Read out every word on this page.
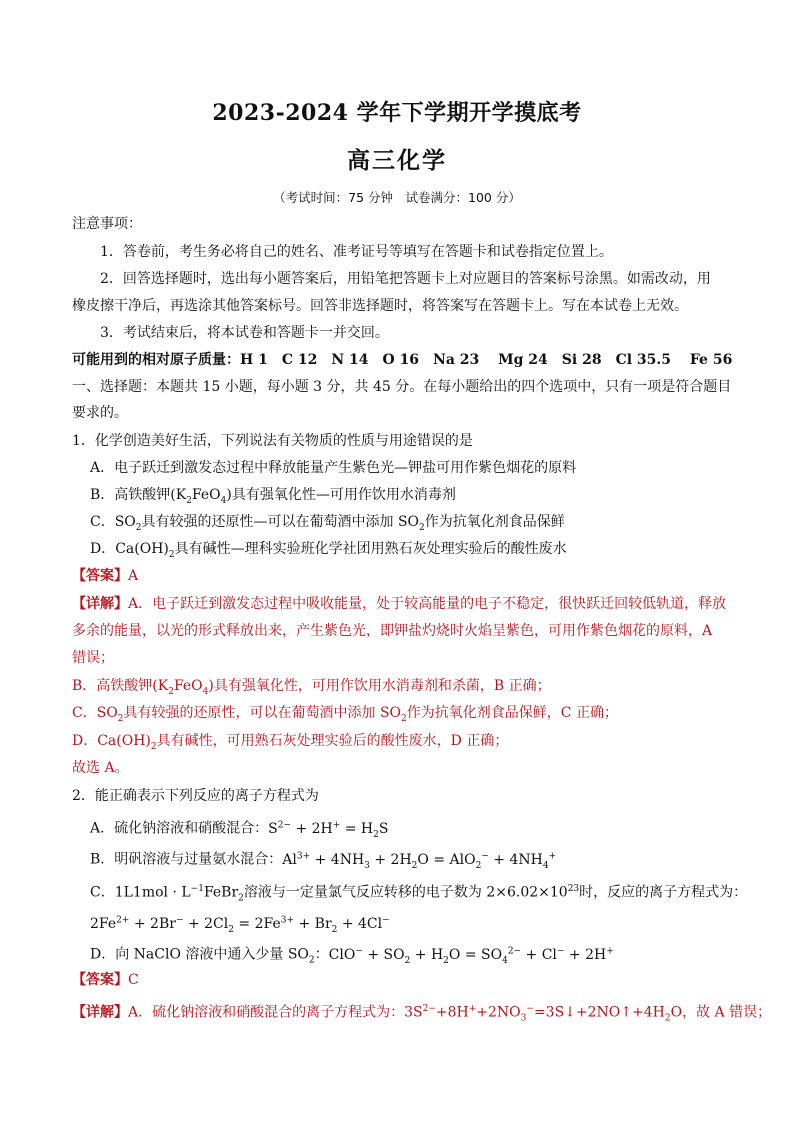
2023-2024 学年下学期开学摸底考
高三化学
（考试时间：75 分钟　试卷满分：100 分）
注意事项：
1．答卷前，考生务必将自己的姓名、准考证号等填写在答题卡和试卷指定位置上。
2．回答选择题时，选出每小题答案后，用铅笔把答题卡上对应题目的答案标号涂黑。如需改动，用
橡皮擦干净后，再选涂其他答案标号。回答非选择题时，将答案写在答题卡上。写在本试卷上无效。
3．考试结束后，将本试卷和答题卡一并交回。
可能用到的相对原子质量：H 1　C 12　N 14　O 16　Na 23　 Mg 24　Si 28　Cl 35.5　 Fe 56
一、选择题：本题共 15 小题，每小题 3 分，共 45 分。在每小题给出的四个选项中，只有一项是符合题目
要求的。
1．化学创造美好生活，下列说法有关物质的性质与用途错误的是
A．电子跃迁到激发态过程中释放能量产生紫色光—钾盐可用作紫色烟花的原料
B．高铁酸钾$(K_2FeO_4)$具有强氧化性—可用作饮用水消毒剂
C．$SO_2$具有较强的还原性—可以在葡萄酒中添加 $SO_2$作为抗氧化剂食品保鲜
D．$Ca(OH)_2$具有碱性—理科实验班化学社团用熟石灰处理实验后的酸性废水
【答案】A
【详解】A．电子跃迁到激发态过程中吸收能量，处于较高能量的电子不稳定，很快跃迁回较低轨道，释放
多余的能量，以光的形式释放出来，产生紫色光，即钾盐灼烧时火焰呈紫色，可用作紫色烟花的原料，A
错误；
B．高铁酸钾$(K_2FeO_4)$具有强氧化性，可用作饮用水消毒剂和杀菌，B 正确；
C．$SO_2$具有较强的还原性，可以在葡萄酒中添加 $SO_2$作为抗氧化剂食品保鲜，C 正确；
D．$Ca(OH)_2$具有碱性，可用熟石灰处理实验后的酸性废水，D 正确；
故选 A。
2．能正确表示下列反应的离子方程式为
A．硫化钠溶液和硝酸混合：$S^{2-} + 2H^+ = H_2S$
B．明矾溶液与过量氨水混合：$Al^{3+} + 4NH_3 + 2H_2O = AlO_2^- + 4NH_4^+$
C．$1L1mol \cdot L^{-1}FeBr_2$溶液与一定量氯气反应转移的电子数为 $2\times 6.02\times 10^{23}$时，反应的离子方程式为：
$2Fe^{2+} + 2Br^- + 2Cl_2 = 2Fe^{3+} + Br_2 + 4Cl^-$
D．向 NaClO 溶液中通入少量 $SO_2$：$ClO^- + SO_2 + H_2O = SO_4^{2-} + Cl^- + 2H^+$
【答案】C
【详解】A．硫化钠溶液和硝酸混合的离子方程式为：$3S^{2-}+8H^++2NO_3^-=3S↓+2NO↑+4H_2O$，故 A 错误；
